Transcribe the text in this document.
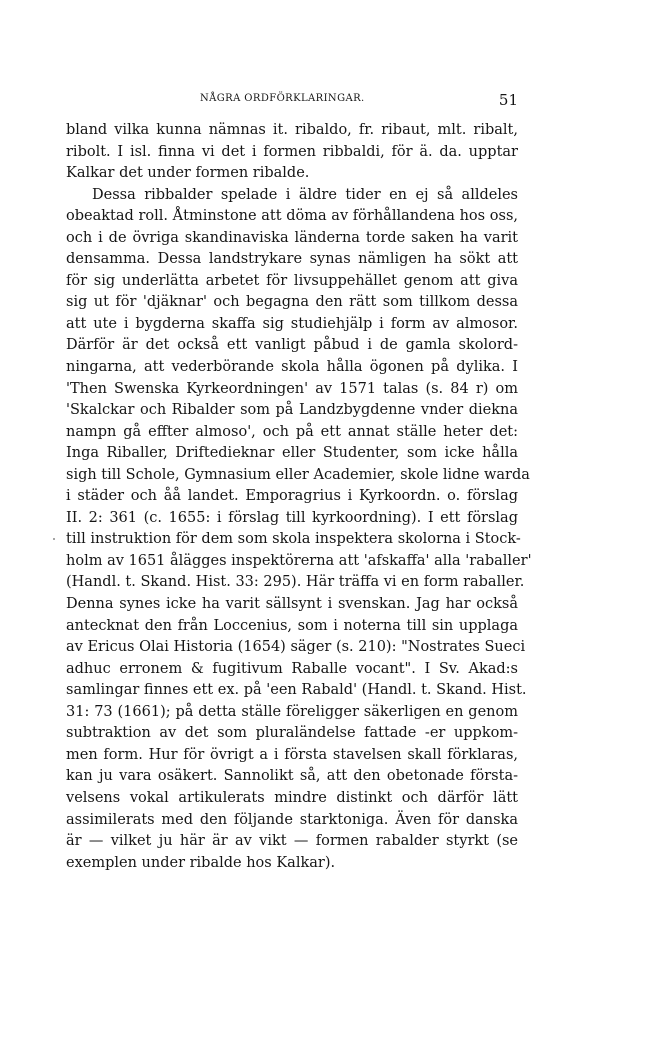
NÅGRA ORDFÖRKLARINGAR.	51
bland vilka kunna nämnas it. ribaldo, fr. ribaut, mlt. ribalt,
ribolt. I isl. finna vi det i formen ribbaldi, för ä. da. upptar
Kalkar det under formen ribalde.
Dessa ribbalder spelade i äldre tider en ej så alldeles
obeaktad roll. Åtminstone att döma av förhållandena hos oss,
och i de övriga skandinaviska länderna torde saken ha varit
densamma. Dessa landstrykare synas nämligen ha sökt att
för sig underlätta arbetet för livsuppehället genom att giva
sig ut för 'djäknar' och begagna den rätt som tillkom dessa
att ute i bygderna skaffa sig studiehjälp i form av almosor.
Därför är det också ett vanligt påbud i de gamla skolord-
ningarna, att vederbörande skola hålla ögonen på dylika. I
'Then Swenska Kyrkeordningen' av 1571 talas (s. 84 r) om
'Skalckar och Ribalder som på Landzbygdenne vnder diekna
nampn gå effter almoso', och på ett annat ställe heter det:
Inga Riballer, Driftedieknar eller Studenter, som icke hålla
sigh till Schole, Gymnasium eller Academier, skole lidne warda
i städer och åå landet. Emporagrius i Kyrkoordn. o. förslag
II. 2: 361 (c. 1655: i förslag till kyrkoordning). I ett förslag
till instruktion för dem som skola inspektera skolorna i Stock-
holm av 1651 ålägges inspektörerna att 'afskaffa' alla 'raballer'
(Handl. t. Skand. Hist. 33: 295). Här träffa vi en form raballer.
Denna synes icke ha varit sällsynt i svenskan. Jag har också
antecknat den från Loccenius, som i noterna till sin upplaga
av Ericus Olai Historia (1654) säger (s. 210): "Nostrates Sueci
adhuc erronem & fugitivum Raballe vocant". I Sv. Akad:s
samlingar finnes ett ex. på 'een Rabald' (Handl. t. Skand. Hist.
31: 73 (1661); på detta ställe föreligger säkerligen en genom
subtraktion av det som pluraländelse fattade -er uppkom-
men form. Hur för övrigt a i första stavelsen skall förklaras,
kan ju vara osäkert. Sannolikt så, att den obetonade första-
velsens vokal artikulerats mindre distinkt och därför lätt
assimilerats med den följande starktoniga. Även för danska
är — vilket ju här är av vikt — formen rabalder styrkt (se
exemplen under ribalde hos Kalkar).
